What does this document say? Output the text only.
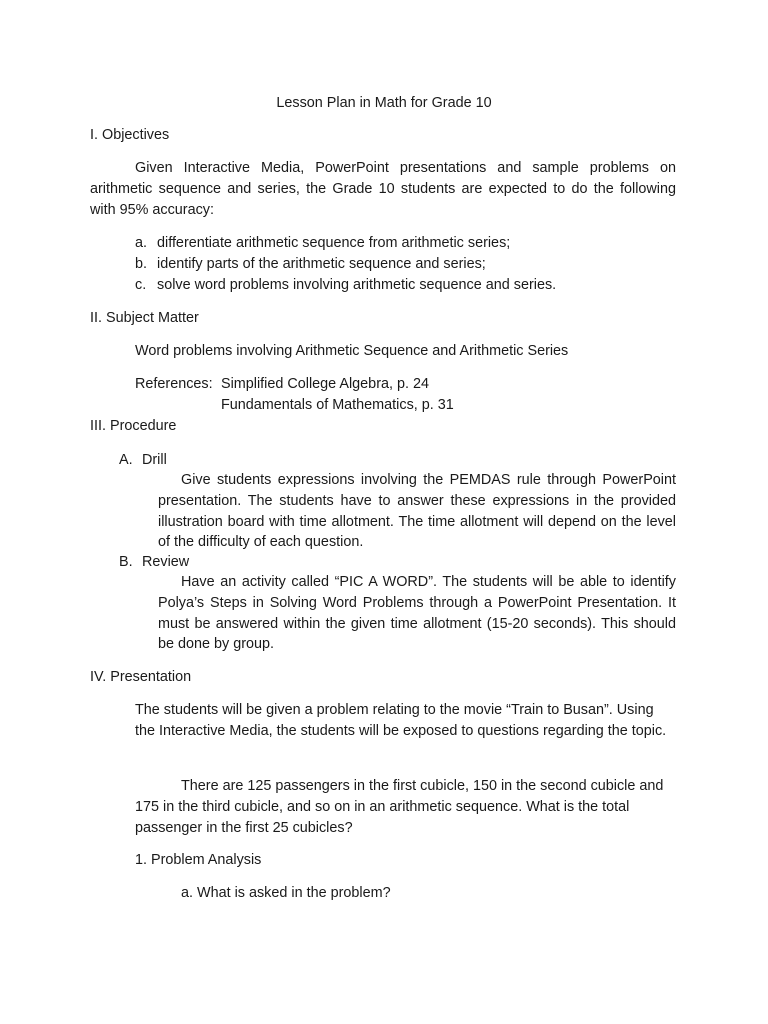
Lesson Plan in Math for Grade 10
I. Objectives

Given Interactive Media, PowerPoint presentations and sample problems on arithmetic sequence and series, the Grade 10 students are expected to do the following with 95% accuracy:

a. differentiate arithmetic sequence from arithmetic series;
b. identify parts of the arithmetic sequence and series;
c. solve word problems involving arithmetic sequence and series.
II. Subject Matter
Word problems involving Arithmetic Sequence and Arithmetic Series
References: Simplified College Algebra, p. 24
Fundamentals of Mathematics, p. 31
III. Procedure
A. Drill

Give students expressions involving the PEMDAS rule through PowerPoint presentation. The students have to answer these expressions in the provided illustration board with time allotment. The time allotment will depend on the level of the difficulty of each question.

B. Review

Have an activity called “PIC A WORD”. The students will be able to identify Polya’s Steps in Solving Word Problems through a PowerPoint Presentation. It must be answered within the given time allotment (15-20 seconds). This should be done by group.

IV. Presentation

The students will be given a problem relating to the movie “Train to Busan”. Using the Interactive Media, the students will be exposed to questions regarding the topic.

There are 125 passengers in the first cubicle, 150 in the second cubicle and 175 in the third cubicle, and so on in an arithmetic sequence. What is the total passenger in the first 25 cubicles?

1. Problem Analysis
a. What is asked in the problem?
